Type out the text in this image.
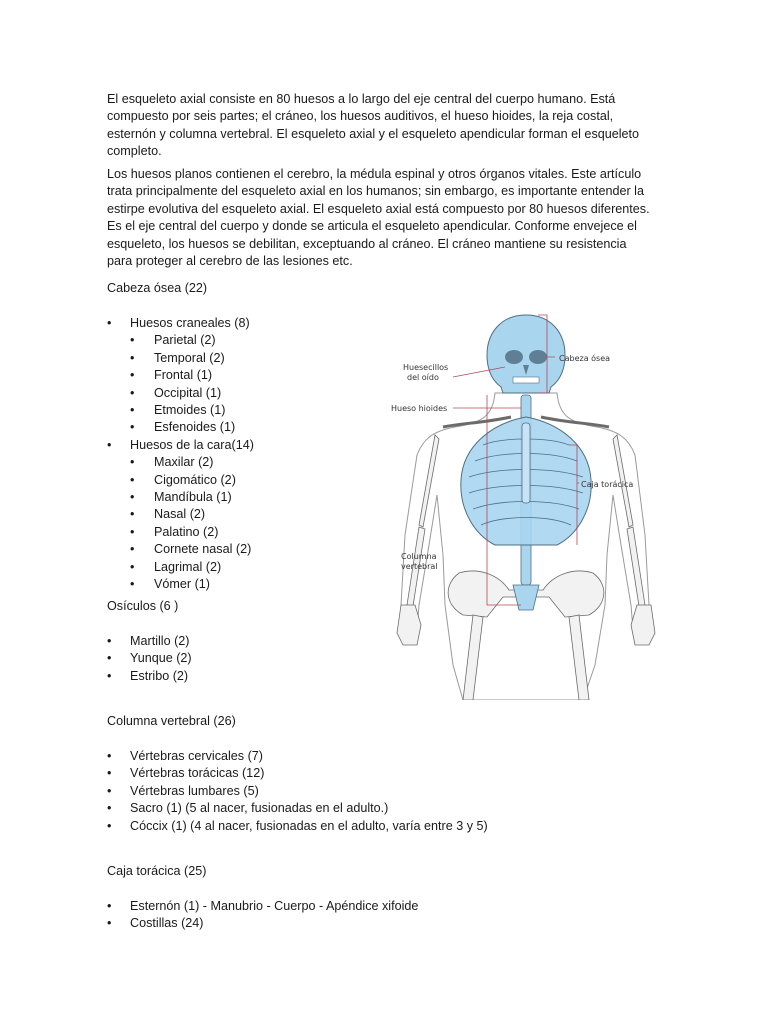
El esqueleto axial consiste en 80 huesos a lo largo del eje central del cuerpo humano. Está compuesto por seis partes; el cráneo, los huesos auditivos, el hueso hioides, la reja costal, esternón y columna vertebral. El esqueleto axial y el esqueleto apendicular forman el esqueleto completo.

Los huesos planos contienen el cerebro, la médula espinal y otros órganos vitales. Este artículo trata principalmente del esqueleto axial en los humanos; sin embargo, es importante entender la estirpe evolutiva del esqueleto axial. El esqueleto axial está compuesto por 80 huesos diferentes. Es el eje central del cuerpo y donde se articula el esqueleto apendicular. Conforme envejece el esqueleto, los huesos se debilitan, exceptuando al cráneo. El cráneo mantiene su resistencia para proteger al cerebro de las lesiones etc.

Cabeza ósea (22)

• Huesos craneales (8)
• Parietal (2)
• Temporal (2)
• Frontal (1)
• Occipital (1)
• Etmoides (1)
• Esfenoides (1)
• Huesos de la cara(14)
• Maxilar (2)
• Cigomático (2)
• Mandíbula (1)
• Nasal (2)
• Palatino (2)
• Cornete nasal (2)
• Lagrimal (2)
• Vómer (1)

Osículos (6 )

• Martillo (2)
• Yunque (2)
• Estribo (2)

Columna vertebral (26)

• Vértebras cervicales (7)
• Vértebras torácicas (12)
• Vértebras lumbares (5)
• Sacro (1) (5 al nacer, fusionadas en el adulto.)
• Cóccix (1) (4 al nacer, fusionadas en el adulto, varía entre 3 y 5)

Caja torácica (25)

• Esternón (1) - Manubrio - Cuerpo - Apéndice xifoide
• Costillas (24)
Huesecillos
del oído
Hueso hioides
Cabeza ósea
Caja torácica
Columna
vertebral
